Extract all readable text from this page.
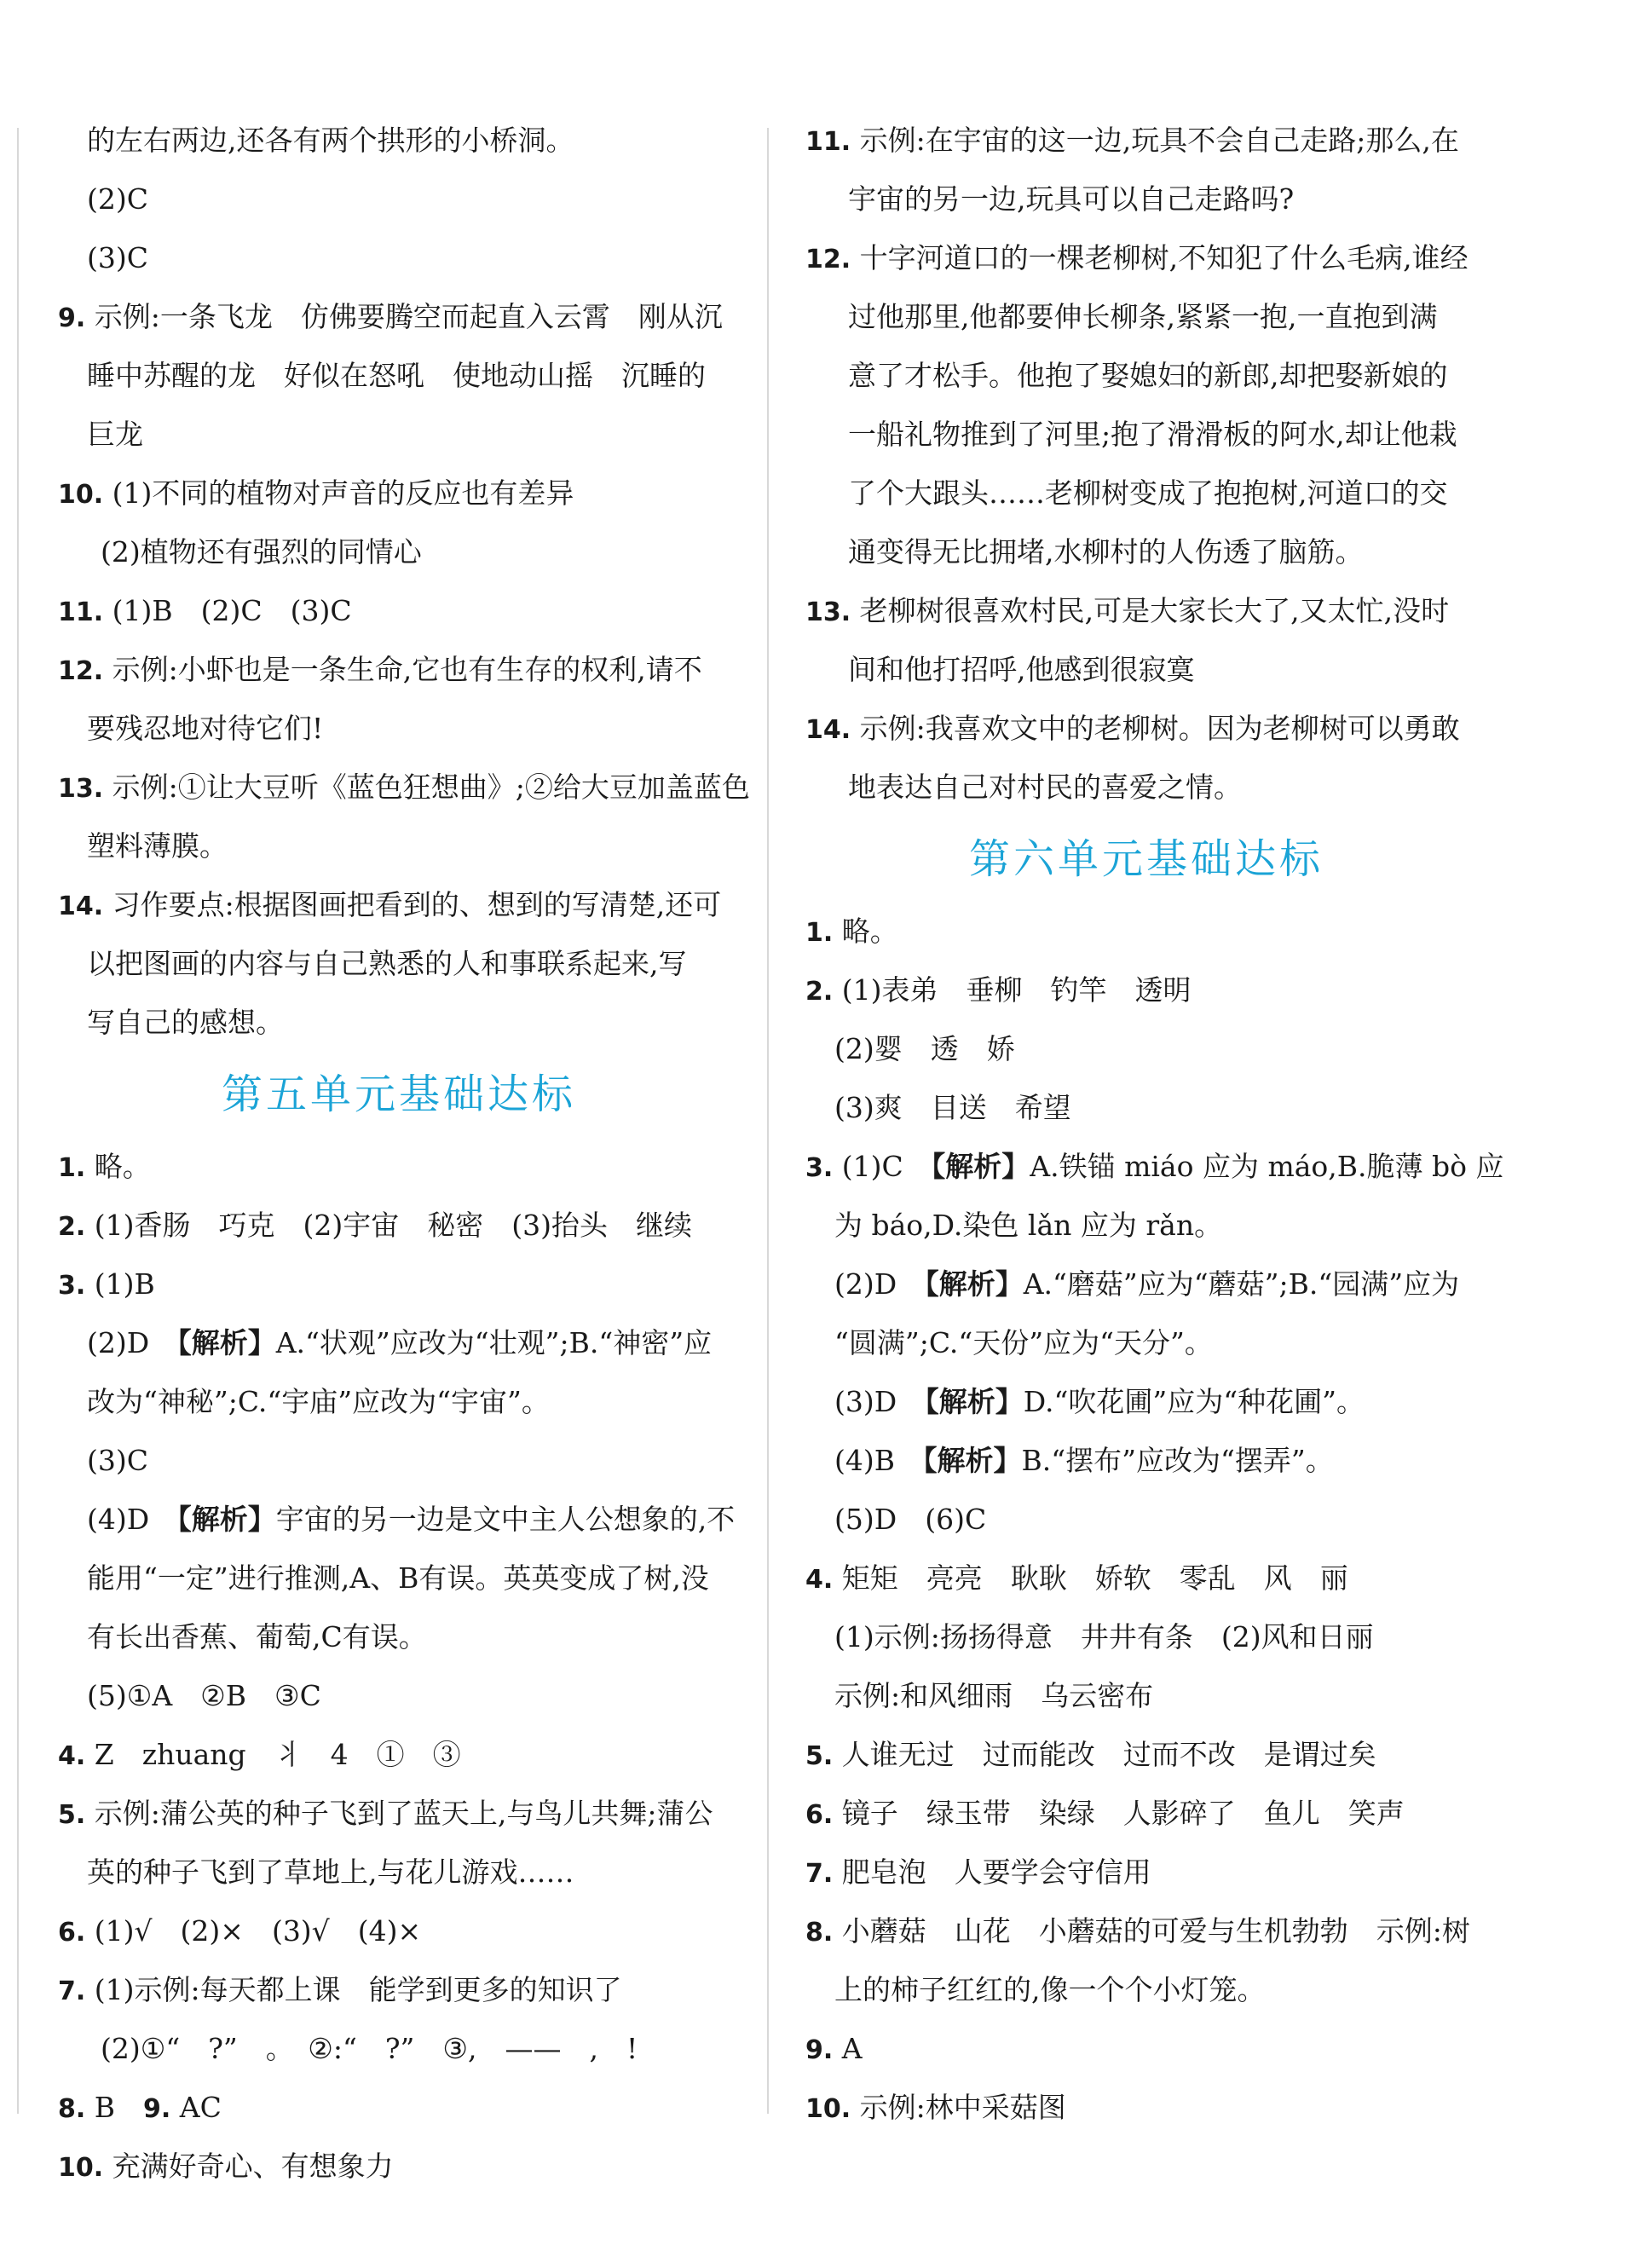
的左右两边,还各有两个拱形的小桥洞。
(2)C
(3)C
9. 示例:一条飞龙　仿佛要腾空而起直入云霄　刚从沉
睡中苏醒的龙　好似在怒吼　使地动山摇　沉睡的
巨龙
10. (1)不同的植物对声音的反应也有差异
(2)植物还有强烈的同情心
11. (1)B　(2)C　(3)C
12. 示例:小虾也是一条生命,它也有生存的权利,请不
要残忍地对待它们!
13. 示例:①让大豆听《蓝色狂想曲》;②给大豆加盖蓝色
塑料薄膜。
14. 习作要点:根据图画把看到的、想到的写清楚,还可
以把图画的内容与自己熟悉的人和事联系起来,写
写自己的感想。
第五单元基础达标
1. 略。
2. (1)香肠　巧克　(2)宇宙　秘密　(3)抬头　继续
3. (1)B
(2)D　【解析】A.“状观”应改为“壮观”;B.“神密”应
改为“神秘”;C.“宇庙”应改为“宇宙”。
(3)C
(4)D　【解析】宇宙的另一边是文中主人公想象的,不
能用“一定”进行推测,A、B有误。英英变成了树,没
有长出香蕉、葡萄,C有误。
(5)①A　②B　③C
4. Z　zhuang　丬　4　①　③
5. 示例:蒲公英的种子飞到了蓝天上,与鸟儿共舞;蒲公
英的种子飞到了草地上,与花儿游戏……
6. (1)√　(2)×　(3)√　(4)×
7. (1)示例:每天都上课　能学到更多的知识了
(2)①“　?”　。　②:“　?”　③,　——　,　!
8. B　9. AC
10. 充满好奇心、有想象力
11. 示例:在宇宙的这一边,玩具不会自己走路;那么,在
宇宙的另一边,玩具可以自己走路吗?
12. 十字河道口的一棵老柳树,不知犯了什么毛病,谁经
过他那里,他都要伸长柳条,紧紧一抱,一直抱到满
意了才松手。他抱了娶媳妇的新郎,却把娶新娘的
一船礼物推到了河里;抱了滑滑板的阿水,却让他栽
了个大跟头……老柳树变成了抱抱树,河道口的交
通变得无比拥堵,水柳村的人伤透了脑筋。
13. 老柳树很喜欢村民,可是大家长大了,又太忙,没时
间和他打招呼,他感到很寂寞
14. 示例:我喜欢文中的老柳树。因为老柳树可以勇敢
地表达自己对村民的喜爱之情。
第六单元基础达标
1. 略。
2. (1)表弟　垂柳　钓竿　透明
(2)婴　透　娇
(3)爽　目送　希望
3. (1)C　【解析】A.铁锚 miáo 应为 máo,B.脆薄 bò 应
为 báo,D.染色 lǎn 应为 rǎn。
(2)D　【解析】A.“磨菇”应为“蘑菇”;B.“园满”应为
“圆满”;C.“天份”应为“天分”。
(3)D　【解析】D.“吹花圃”应为“种花圃”。
(4)B　【解析】B.“摆布”应改为“摆弄”。
(5)D　(6)C
4. 矩矩　亮亮　耿耿　娇软　零乱　风　丽
(1)示例:扬扬得意　井井有条　(2)风和日丽
示例:和风细雨　乌云密布
5. 人谁无过　过而能改　过而不改　是谓过矣
6. 镜子　绿玉带　染绿　人影碎了　鱼儿　笑声
7. 肥皂泡　人要学会守信用
8. 小蘑菇　山花　小蘑菇的可爱与生机勃勃　示例:树
上的柿子红红的,像一个个小灯笼。
9. A
10. 示例:林中采菇图
